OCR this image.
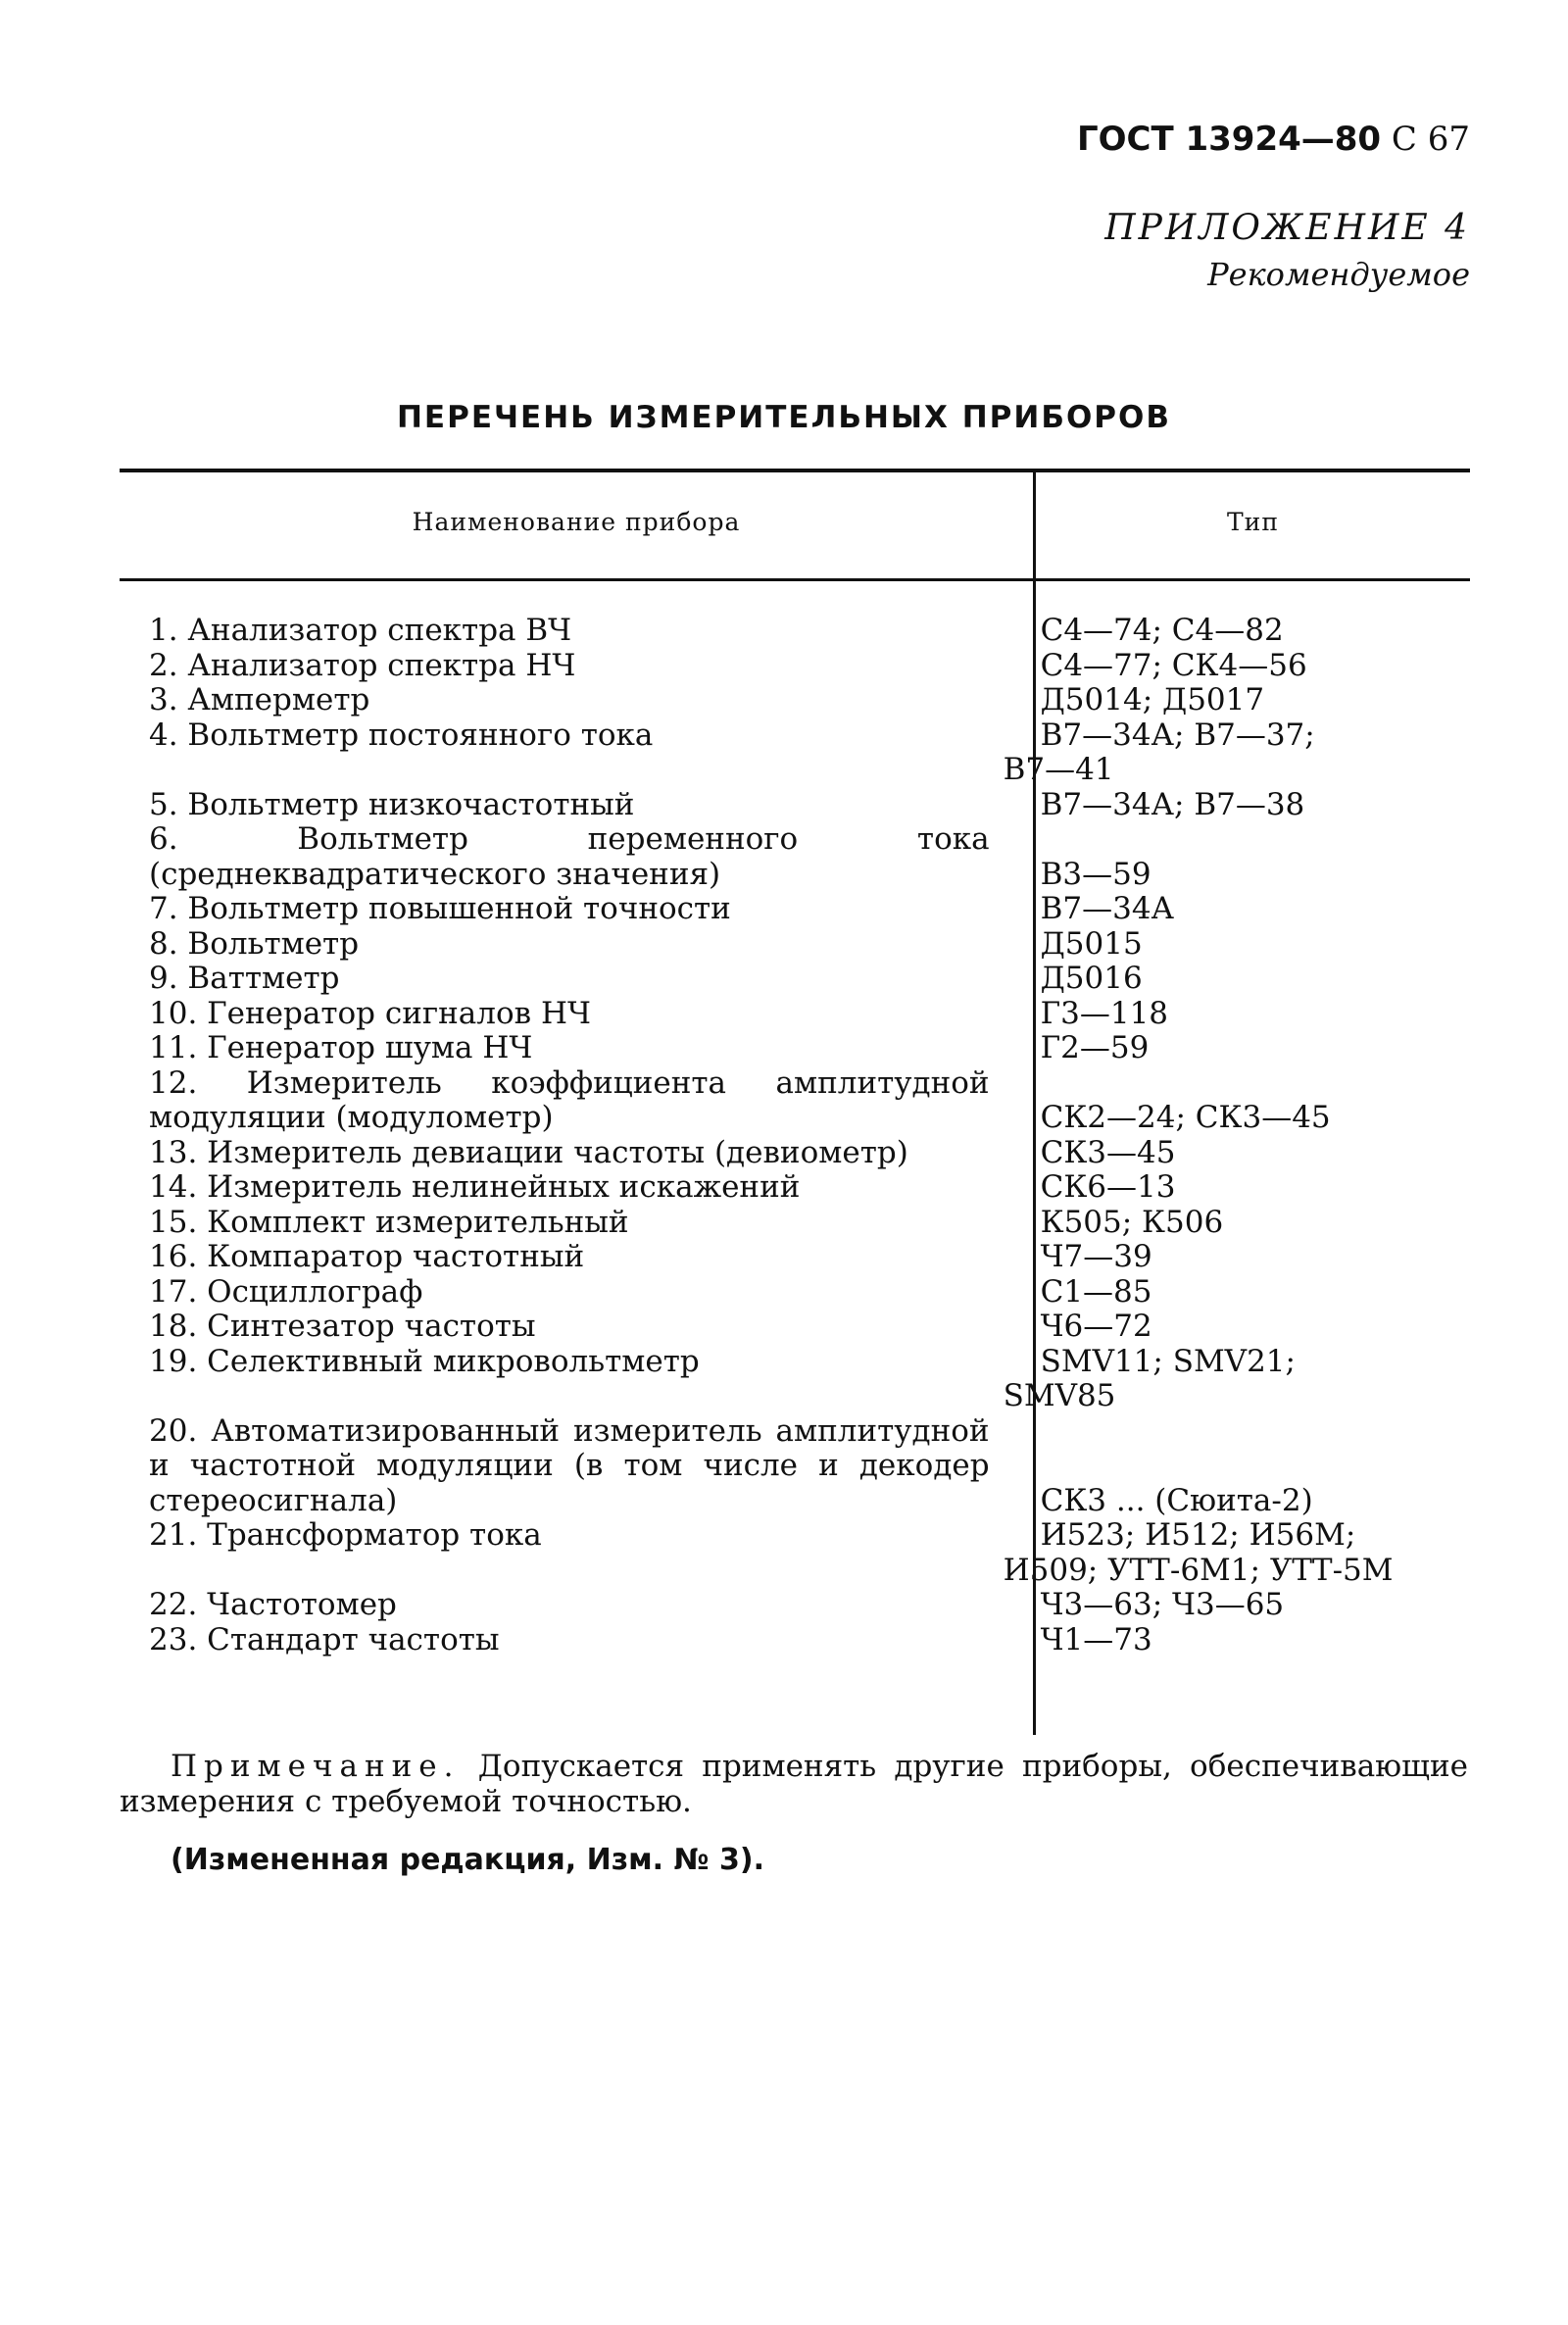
ГОСТ 13924—80 С 67
ПРИЛОЖЕНИЕ 4
Рекомендуемое
ПЕРЕЧЕНЬ ИЗМЕРИТЕЛЬНЫХ ПРИБОРОВ
Наименование прибора	Тип
1. Анализатор спектра ВЧ	С4—74; С4—82
2. Анализатор спектра НЧ	С4—77; СК4—56
3. Амперметр	Д5014; Д5017
4. Вольтметр постоянного тока	В7—34А; В7—37;
В7—41
5. Вольтметр низкочастотный	В7—34А; В7—38
6. Вольтметр переменного тока (среднеквадратического значения)	В3—59
7. Вольтметр повышенной точности	В7—34А
8. Вольтметр	Д5015
9. Ваттметр	Д5016
10. Генератор сигналов НЧ	Г3—118
11. Генератор шума НЧ	Г2—59
12. Измеритель коэффициента амплитудной модуляции (модулометр)	СК2—24; СК3—45
13. Измеритель девиации частоты (девиометр)	СК3—45
14. Измеритель нелинейных искажений	СК6—13
15. Комплект измерительный	К505; К506
16. Компаратор частотный	Ч7—39
17. Осциллограф	С1—85
18. Синтезатор частоты	Ч6—72
19. Селективный микровольтметр	SMV11; SMV21;
SMV85
20. Автоматизированный измеритель амплитудной и частотной модуляции (в том числе и декодер стереосигнала)	СК3 ... (Сюита-2)
21. Трансформатор тока	И523; И512; И56М;
И509; УТТ-6М1; УТТ-5М
22. Частотомер	Ч3—63; Ч3—65
23. Стандарт частоты	Ч1—73
Примечание. Допускается применять другие приборы, обеспечивающие измерения с требуемой точностью.
(Измененная редакция, Изм. № 3).
